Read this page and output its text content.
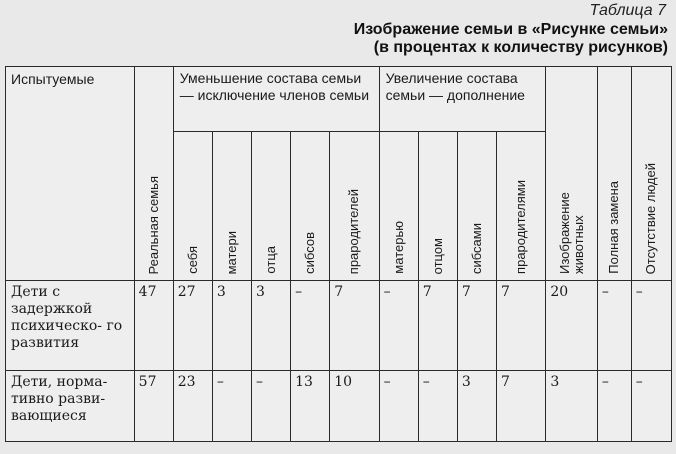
Таблица 7
Изображение семьи в «Рисунке семьи»
(в процентах к количеству рисунков)
Испытуемые	Реальная семья	Уменьшение состава семьи — исключение членов семьи					Увеличение состава семьи — дополнение				Изображение животных	Полная замена	Отсутствие людей

		себя	матери	отца	сибсов	прародителей	матерью	отцом	сибсами	прародителями			

Дети с задержкой психическо- го развития	47	27	3	3	–	7	–	7	7	7	20	–	–
Дети, норма- тивно разви- вающиеся	57	23	–	–	13	10	–	–	3	7	3	–	–
